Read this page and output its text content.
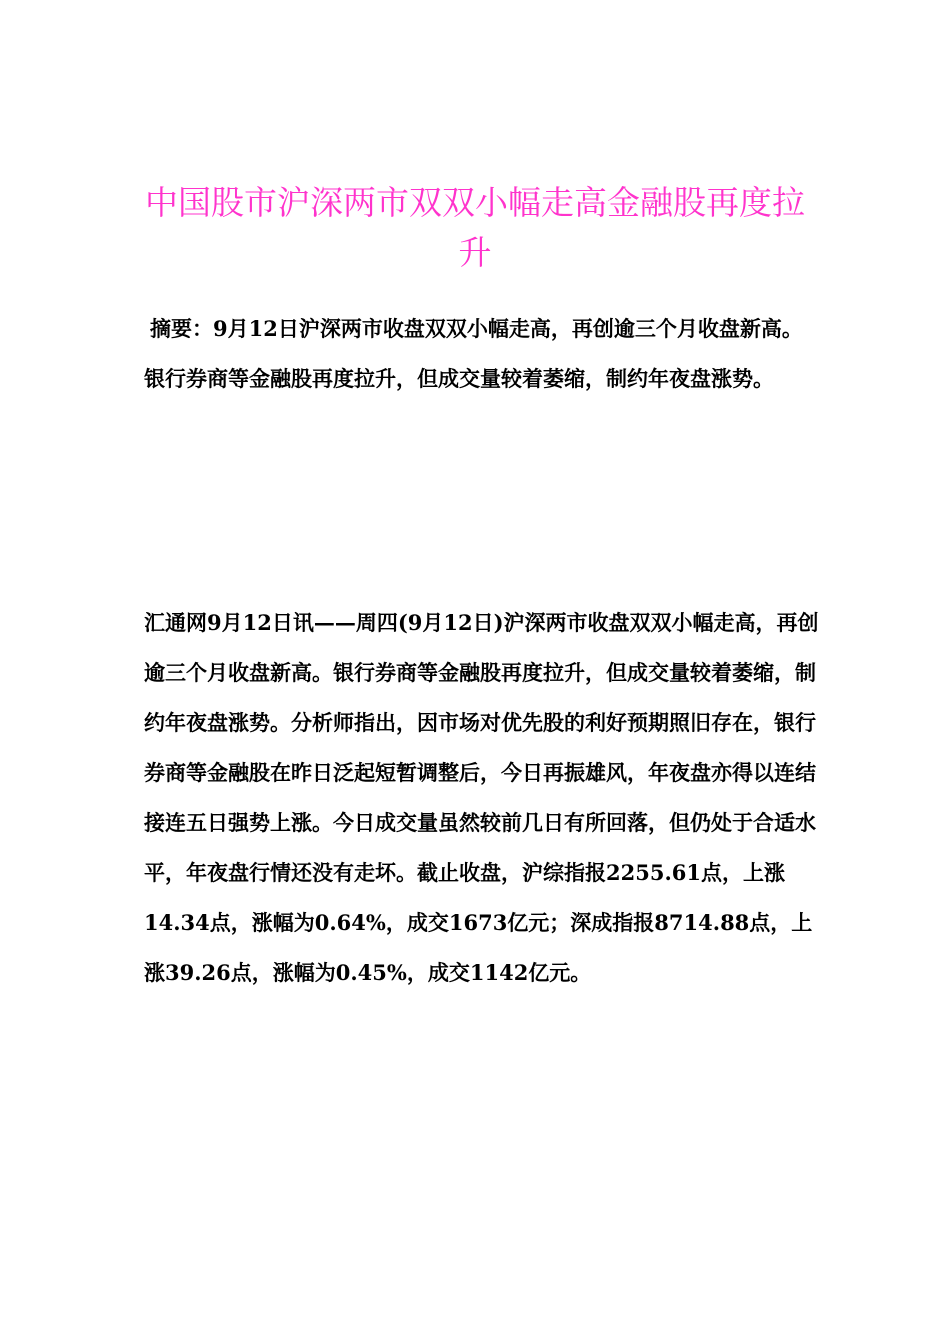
中国股市沪深两市双双小幅走高金融股再度拉升

摘要：9月12日沪深两市收盘双双小幅走高，再创逾三个月收盘新高。银行券商等金融股再度拉升，但成交量较着萎缩，制约年夜盘涨势。

汇通网9月12日讯——周四(9月12日)沪深两市收盘双双小幅走高，再创逾三个月收盘新高。银行券商等金融股再度拉升，但成交量较着萎缩，制约年夜盘涨势。分析师指出，因市场对优先股的利好预期照旧存在，银行券商等金融股在昨日泛起短暂调整后，今日再振雄风，年夜盘亦得以连结接连五日强势上涨。今日成交量虽然较前几日有所回落，但仍处于合适水平，年夜盘行情还没有走坏。截止收盘，沪综指报2255.61点，上涨14.34点，涨幅为0.64%，成交1673亿元；深成指报8714.88点，上涨39.26点，涨幅为0.45%，成交1142亿元。
